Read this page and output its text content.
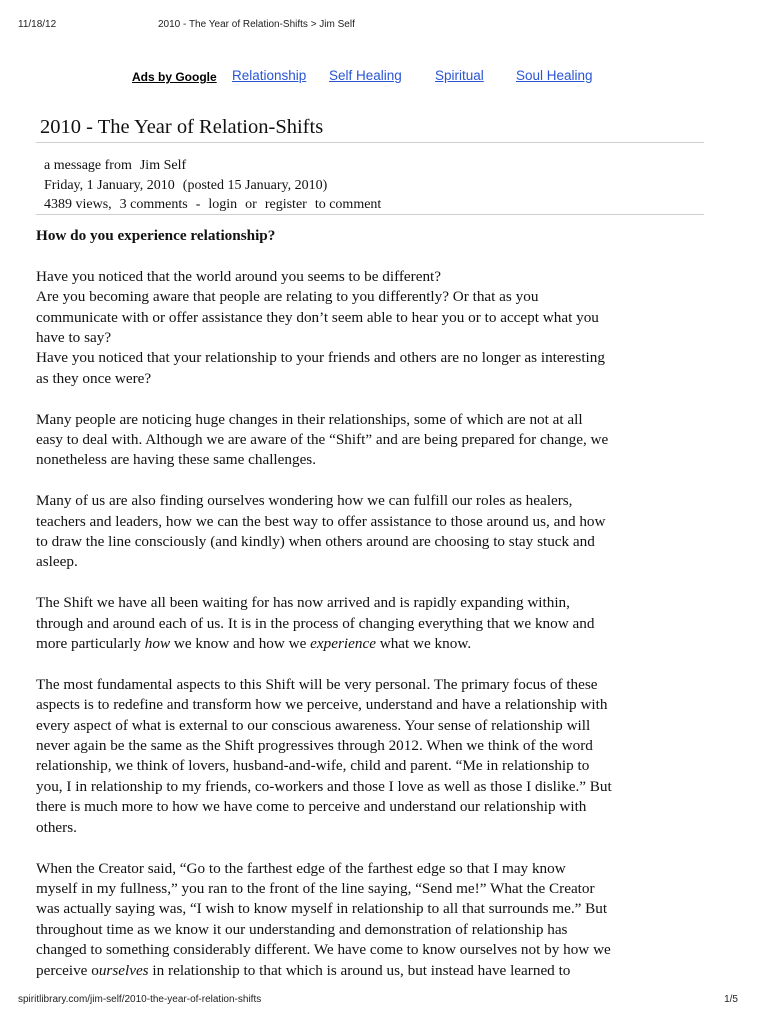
11/18/12	2010 - The Year of Relation-Shifts > Jim Self
Ads by Google Relationship Self Healing Spiritual Soul Healing
2010 - The Year of Relation-Shifts
a message from Jim Self
Friday, 1 January, 2010 (posted 15 January, 2010)
4389 views, 3 comments - login or register to comment
How do you experience relationship?

Have you noticed that the world around you seems to be different?
Are you becoming aware that people are relating to you differently? Or that as you
communicate with or offer assistance they don’t seem able to hear you or to accept what you
have to say?
Have you noticed that your relationship to your friends and others are no longer as interesting
as they once were?

Many people are noticing huge changes in their relationships, some of which are not at all
easy to deal with. Although we are aware of the “Shift” and are being prepared for change, we
nonetheless are having these same challenges.

Many of us are also finding ourselves wondering how we can fulfill our roles as healers,
teachers and leaders, how we can the best way to offer assistance to those around us, and how
to draw the line consciously (and kindly) when others around are choosing to stay stuck and
asleep.

The Shift we have all been waiting for has now arrived and is rapidly expanding within,
through and around each of us. It is in the process of changing everything that we know and
more particularly how we know and how we experience what we know.

The most fundamental aspects to this Shift will be very personal. The primary focus of these
aspects is to redefine and transform how we perceive, understand and have a relationship with
every aspect of what is external to our conscious awareness. Your sense of relationship will
never again be the same as the Shift progressives through 2012. When we think of the word
relationship, we think of lovers, husband-and-wife, child and parent. “Me in relationship to
you, I in relationship to my friends, co-workers and those I love as well as those I dislike.” But
there is much more to how we have come to perceive and understand our relationship with
others.

When the Creator said, “Go to the farthest edge of the farthest edge so that I may know
myself in my fullness,” you ran to the front of the line saying, “Send me!” What the Creator
was actually saying was, “I wish to know myself in relationship to all that surrounds me.” But
throughout time as we know it our understanding and demonstration of relationship has
changed to something considerably different. We have come to know ourselves not by how we
perceive ourselves in relationship to that which is around us, but instead have learned to

spiritlibrary.com/jim-self/2010-the-year-of-relation-shifts	1/5
